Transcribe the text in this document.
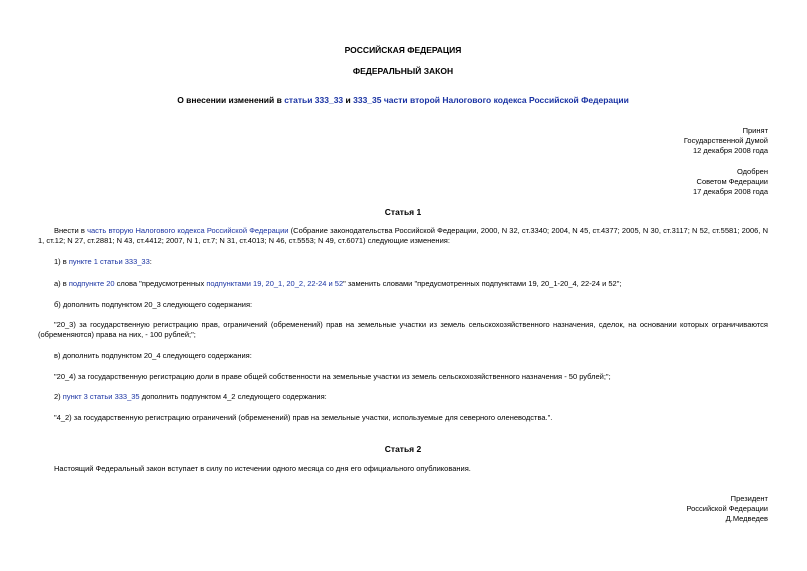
РОССИЙСКАЯ ФЕДЕРАЦИЯ
ФЕДЕРАЛЬНЫЙ ЗАКОН
О внесении изменений в статьи 333_33 и 333_35 части второй Налогового кодекса Российской Федерации
Принят
Государственной Думой
12 декабря 2008 года
Одобрен
Советом Федерации
17 декабря 2008 года
Статья 1
Внести в часть вторую Налогового кодекса Российской Федерации (Собрание законодательства Российской Федерации, 2000, N 32, ст.3340; 2004, N 45, ст.4377; 2005, N 30, ст.3117; N 52, ст.5581; 2006, N 1, ст.12; N 27, ст.2881; N 43, ст.4412; 2007, N 1, ст.7; N 31, ст.4013; N 46, ст.5553; N 49, ст.6071) следующие изменения:
1) в пункте 1 статьи 333_33:
а) в подпункте 20 слова "предусмотренных подпунктами 19, 20_1, 20_2, 22-24 и 52" заменить словами "предусмотренных подпунктами 19, 20_1-20_4, 22-24 и 52";
б) дополнить подпунктом 20_3 следующего содержания:
"20_3) за государственную регистрацию прав, ограничений (обременений) прав на земельные участки из земель сельскохозяйственного назначения, сделок, на основании которых ограничиваются (обременяются) права на них, - 100 рублей;";
в) дополнить подпунктом 20_4 следующего содержания:
"20_4) за государственную регистрацию доли в праве общей собственности на земельные участки из земель сельскохозяйственного назначения - 50 рублей;";
2) пункт 3 статьи 333_35 дополнить подпунктом 4_2 следующего содержания:
"4_2) за государственную регистрацию ограничений (обременений) прав на земельные участки, используемые для северного оленеводства.".
Статья 2
Настоящий Федеральный закон вступает в силу по истечении одного месяца со дня его официального опубликования.
Президент
Российской Федерации
Д.Медведев
